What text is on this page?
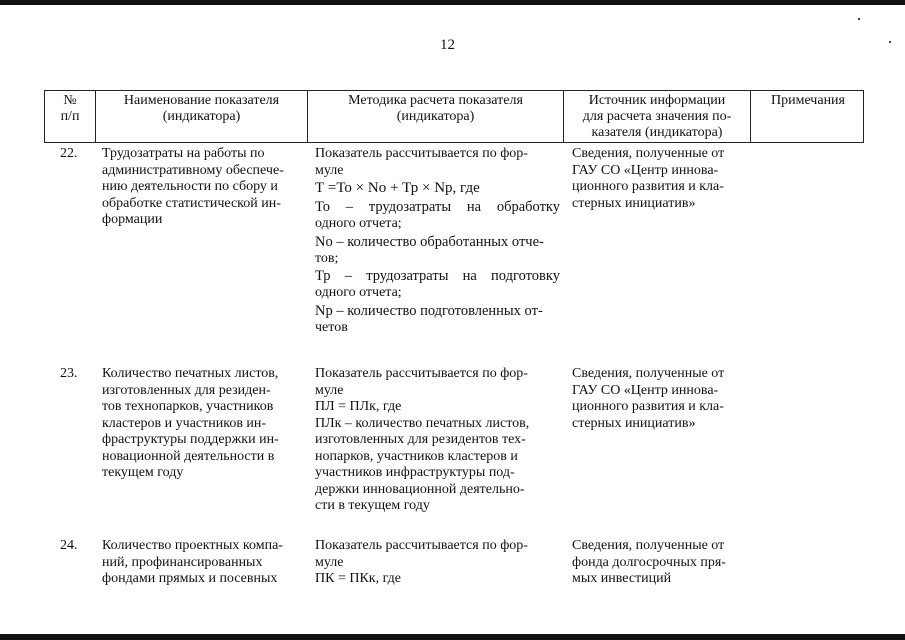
12
№
п/п
Наименование показателя
(индикатора)
Методика расчета показателя
(индикатора)
Источник информации
для расчета значения по-
казателя (индикатора)
Примечания
22. Трудозатраты на работы по
административному обеспече-
нию деятельности по сбору и
обработке статистической ин-
формации
Показатель рассчитывается по фор-
муле
Т =То × Nо + Тр × Nр, где
То – трудозатраты на обработку
одного отчета;
Nо – количество обработанных отче-
тов;
Тр – трудозатраты на подготовку
одного отчета;
Nр – количество подготовленных от-
четов
Сведения, полученные от
ГАУ СО «Центр иннова-
ционного развития и кла-
стерных инициатив»
23. Количество печатных листов,
изготовленных для резиден-
тов технопарков, участников
кластеров и участников ин-
фраструктуры поддержки ин-
новационной деятельности в
текущем году
Показатель рассчитывается по фор-
муле
ПЛ = ПЛк, где
ПЛк – количество печатных листов,
изготовленных для резидентов тех-
нопарков, участников кластеров и
участников инфраструктуры под-
держки инновационной деятельно-
сти в текущем году
Сведения, полученные от
ГАУ СО «Центр иннова-
ционного развития и кла-
стерных инициатив»
24. Количество проектных компа-
ний, профинансированных
фондами прямых и посевных
Показатель рассчитывается по фор-
муле
ПК = ПКк, где
Сведения, полученные от
фонда долгосрочных пря-
мых инвестиций
